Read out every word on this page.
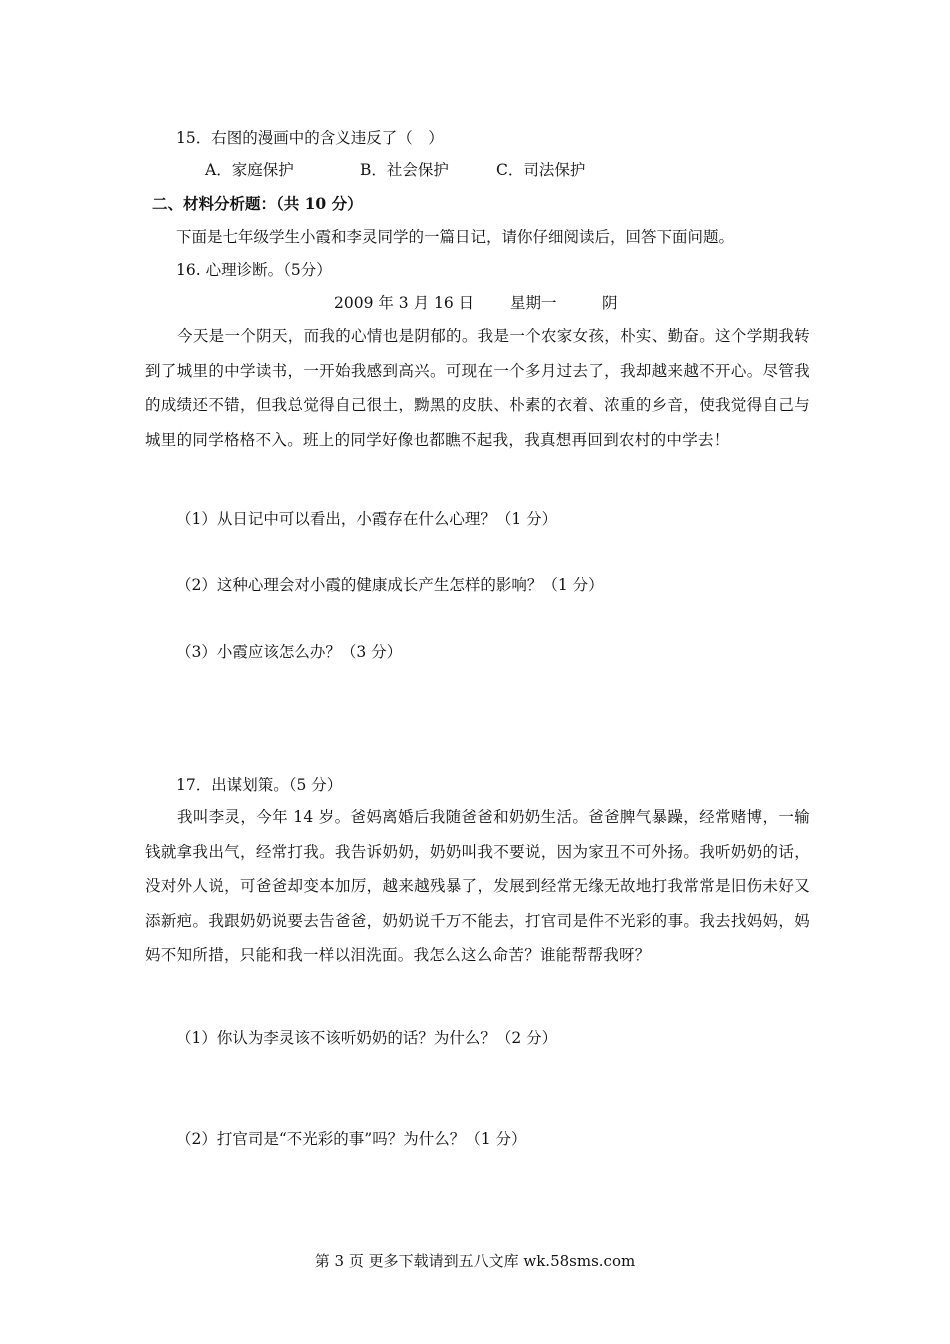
15．右图的漫画中的含义违反了（　）
A．家庭保护	B．社会保护	C．司法保护
二、材料分析题：（共 10 分）
下面是七年级学生小霞和李灵同学的一篇日记，请你仔细阅读后，回答下面问题。
16. 心理诊断。（5分）
2009 年 3 月 16 日 星期一	阴
今天是一个阴天，而我的心情也是阴郁的。我是一个农家女孩，朴实、勤奋。这个学期我转到了城里的中学读书，一开始我感到高兴。可现在一个多月过去了，我却越来越不开心。尽管我的成绩还不错，但我总觉得自己很土，黝黑的皮肤、朴素的衣着、浓重的乡音，使我觉得自己与城里的同学格格不入。班上的同学好像也都瞧不起我，我真想再回到农村的中学去！
（1）从日记中可以看出，小霞存在什么心理？（1 分）
（2）这种心理会对小霞的健康成长产生怎样的影响？（1 分）
（3）小霞应该怎么办？（3 分）
17．出谋划策。（5 分）
我叫李灵，今年 14 岁。爸妈离婚后我随爸爸和奶奶生活。爸爸脾气暴躁，经常赌博，一输钱就拿我出气，经常打我。我告诉奶奶，奶奶叫我不要说，因为家丑不可外扬。我听奶奶的话，没对外人说，可爸爸却变本加厉，越来越残暴了，发展到经常无缘无故地打我常常是旧伤未好又添新疤。我跟奶奶说要去告爸爸，奶奶说千万不能去，打官司是件不光彩的事。我去找妈妈，妈妈不知所措，只能和我一样以泪洗面。我怎么这么命苦？谁能帮帮我呀？
（1）你认为李灵该不该听奶奶的话？为什么？（2 分）
（2）打官司是“不光彩的事”吗？为什么？（1 分）
第 3 页 更多下载请到五八文库 wk.58sms.com
